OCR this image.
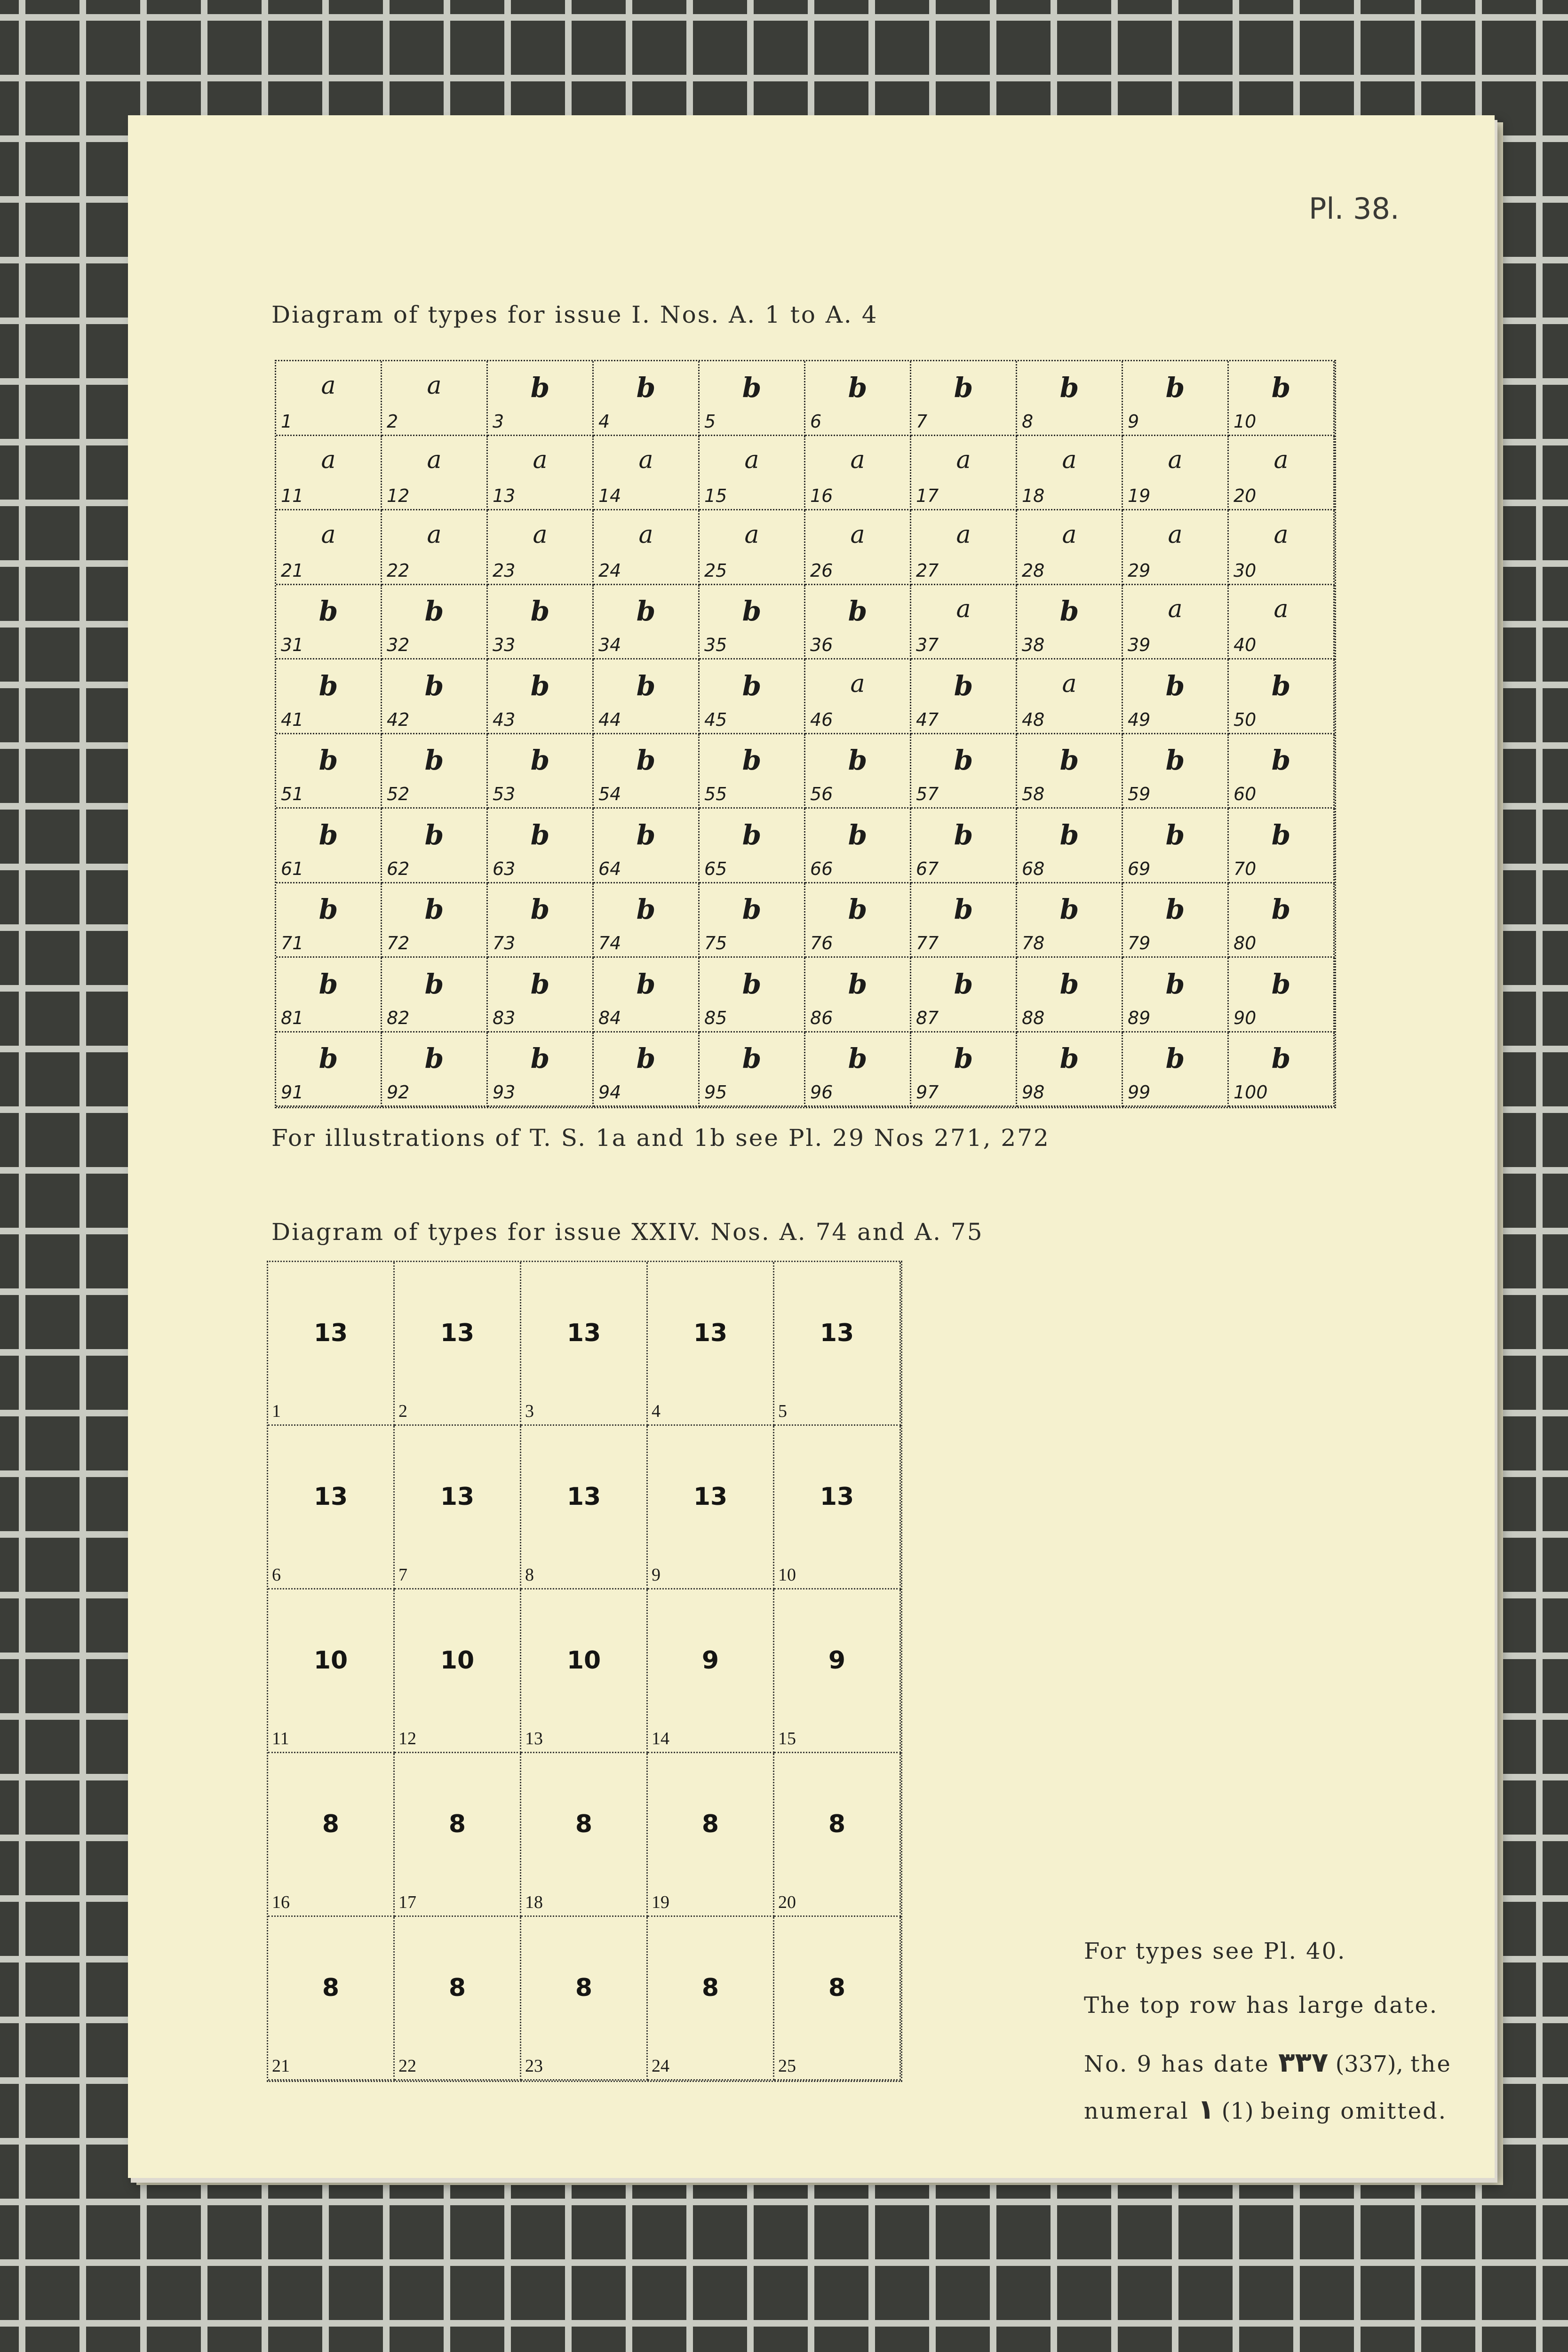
Pl. 38.
Diagram of types for issue I. Nos. A. 1 to A. 4
a
1
a
2
b
3
b
4
b
5
b
6
b
7
b
8
b
9
b
10
a
11
a
12
a
13
a
14
a
15
a
16
a
17
a
18
a
19
a
20
a
21
a
22
a
23
a
24
a
25
a
26
a
27
a
28
a
29
a
30
b
31
b
32
b
33
b
34
b
35
b
36
a
37
b
38
a
39
a
40
b
41
b
42
b
43
b
44
b
45
a
46
b
47
a
48
b
49
b
50
b
51
b
52
b
53
b
54
b
55
b
56
b
57
b
58
b
59
b
60
b
61
b
62
b
63
b
64
b
65
b
66
b
67
b
68
b
69
b
70
b
71
b
72
b
73
b
74
b
75
b
76
b
77
b
78
b
79
b
80
b
81
b
82
b
83
b
84
b
85
b
86
b
87
b
88
b
89
b
90
b
91
b
92
b
93
b
94
b
95
b
96
b
97
b
98
b
99
b
100
For illustrations of T. S. 1a and 1b see Pl. 29 Nos 271, 272
Diagram of types for issue XXIV. Nos. A. 74 and A. 75
13
1
13
2
13
3
13
4
13
5
13
6
13
7
13
8
13
9
13
10
10
11
10
12
10
13
9
14
9
15
8
16
8
17
8
18
8
19
8
20
8
21
8
22
8
23
8
24
8
25
For types see Pl. 40.
The top row has large date.
No. 9 has date ٣٣٧ (337), the
numeral ١ (1) being omitted.
